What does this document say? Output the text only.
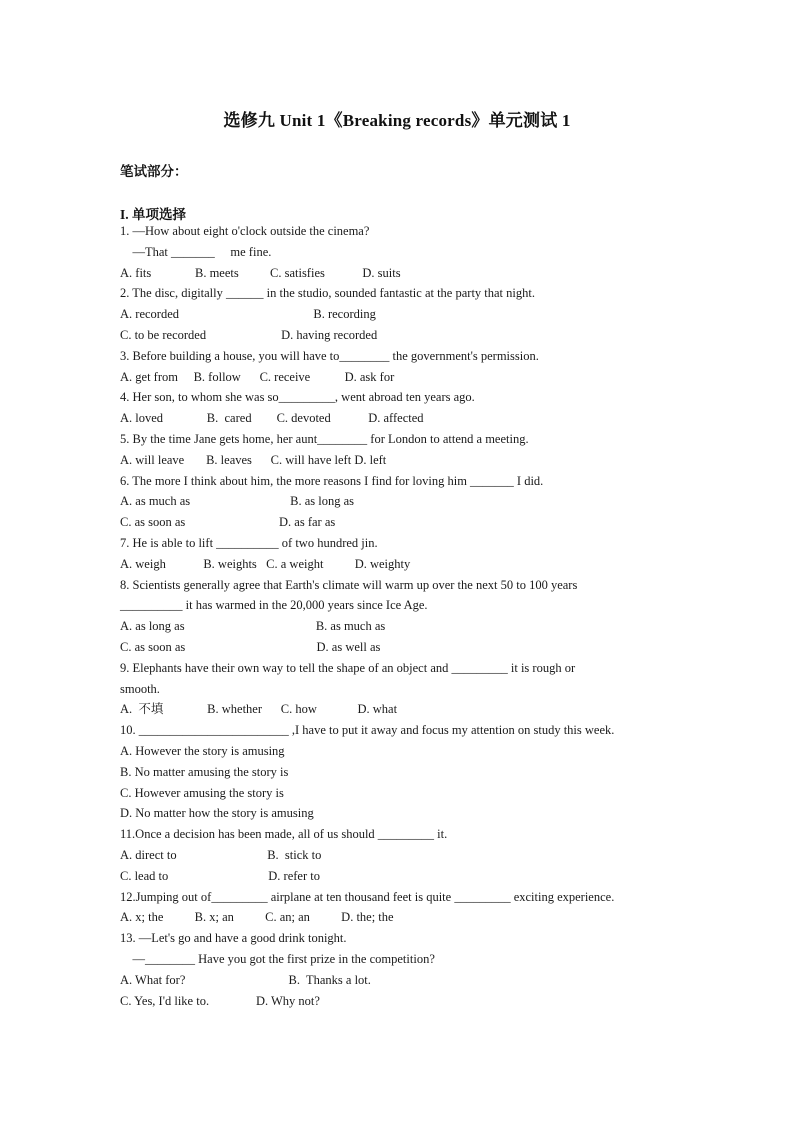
选修九 Unit 1《Breaking records》单元测试 1
笔试部分：
I. 单项选择
1. —How about eight o'clock outside the cinema?
—That _______     me fine.
A. fits              B. meets          C. satisfies            D. suits
2. The disc, digitally ______ in the studio, sounded fantastic at the party that night.
A. recorded                                           B. recording
C. to be recorded                        D. having recorded
3. Before building a house, you will have to________ the government's permission.
A. get from     B. follow      C. receive           D. ask for
4. Her son, to whom she was so_________, went abroad ten years ago.
A. loved              B.  cared        C. devoted            D. affected
5. By the time Jane gets home, her aunt________ for London to attend a meeting.
A. will leave       B. leaves      C. will have left D. left
6. The more I think about him, the more reasons I find for loving him _______ I did.
A. as much as                                B. as long as
C. as soon as                              D. as far as
7. He is able to lift __________ of two hundred jin.
A. weigh            B. weights   C. a weight          D. weighty
8. Scientists generally agree that Earth's climate will warm up over the next 50 to 100 years
__________ it has warmed in the 20,000 years since Ice Age.
A. as long as                                          B. as much as
C. as soon as                                          D. as well as
9. Elephants have their own way to tell the shape of an object and _________ it is rough or
smooth.
A.  不填              B. whether      C. how             D. what
10. ________________________ ,I have to put it away and focus my attention on study this week.
A. However the story is amusing
B. No matter amusing the story is
C. However amusing the story is
D. No matter how the story is amusing
11.Once a decision has been made, all of us should _________ it.
A. direct to                             B.  stick to
C. lead to                                D. refer to
12.Jumping out of_________ airplane at ten thousand feet is quite _________ exciting experience.
A. x; the          B. x; an          C. an; an          D. the; the
13. —Let's go and have a good drink tonight.
—________ Have you got the first prize in the competition?
A. What for?                                 B.  Thanks a lot.
C. Yes, I'd like to.               D. Why not?
